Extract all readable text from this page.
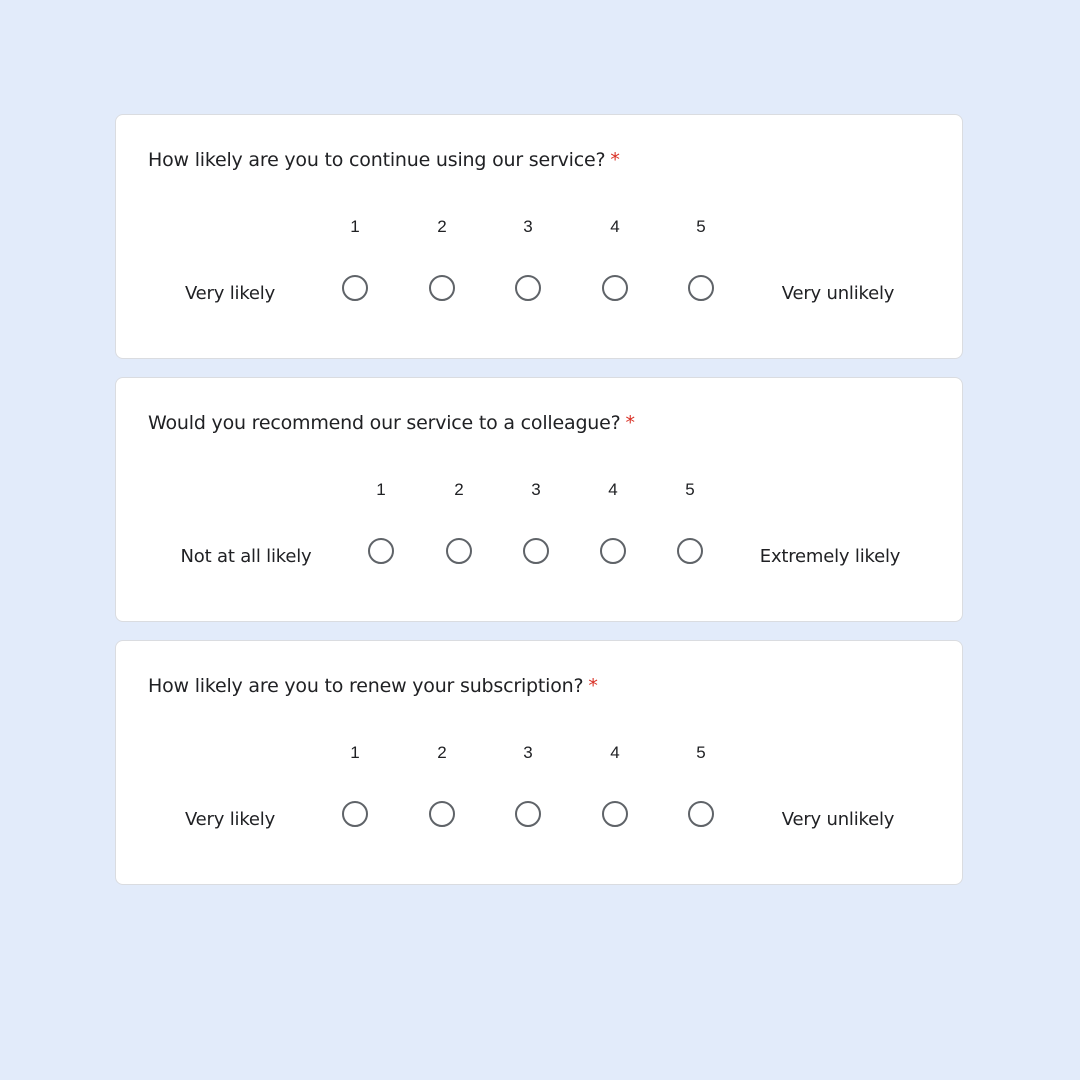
How likely are you to continue using our service? *
1	2	3	4	5
Very likely	Very unlikely
Would you recommend our service to a colleague? *
1	2	3	4	5
Not at all likely	Extremely likely
How likely are you to renew your subscription? *
1	2	3	4	5
Very likely	Very unlikely
